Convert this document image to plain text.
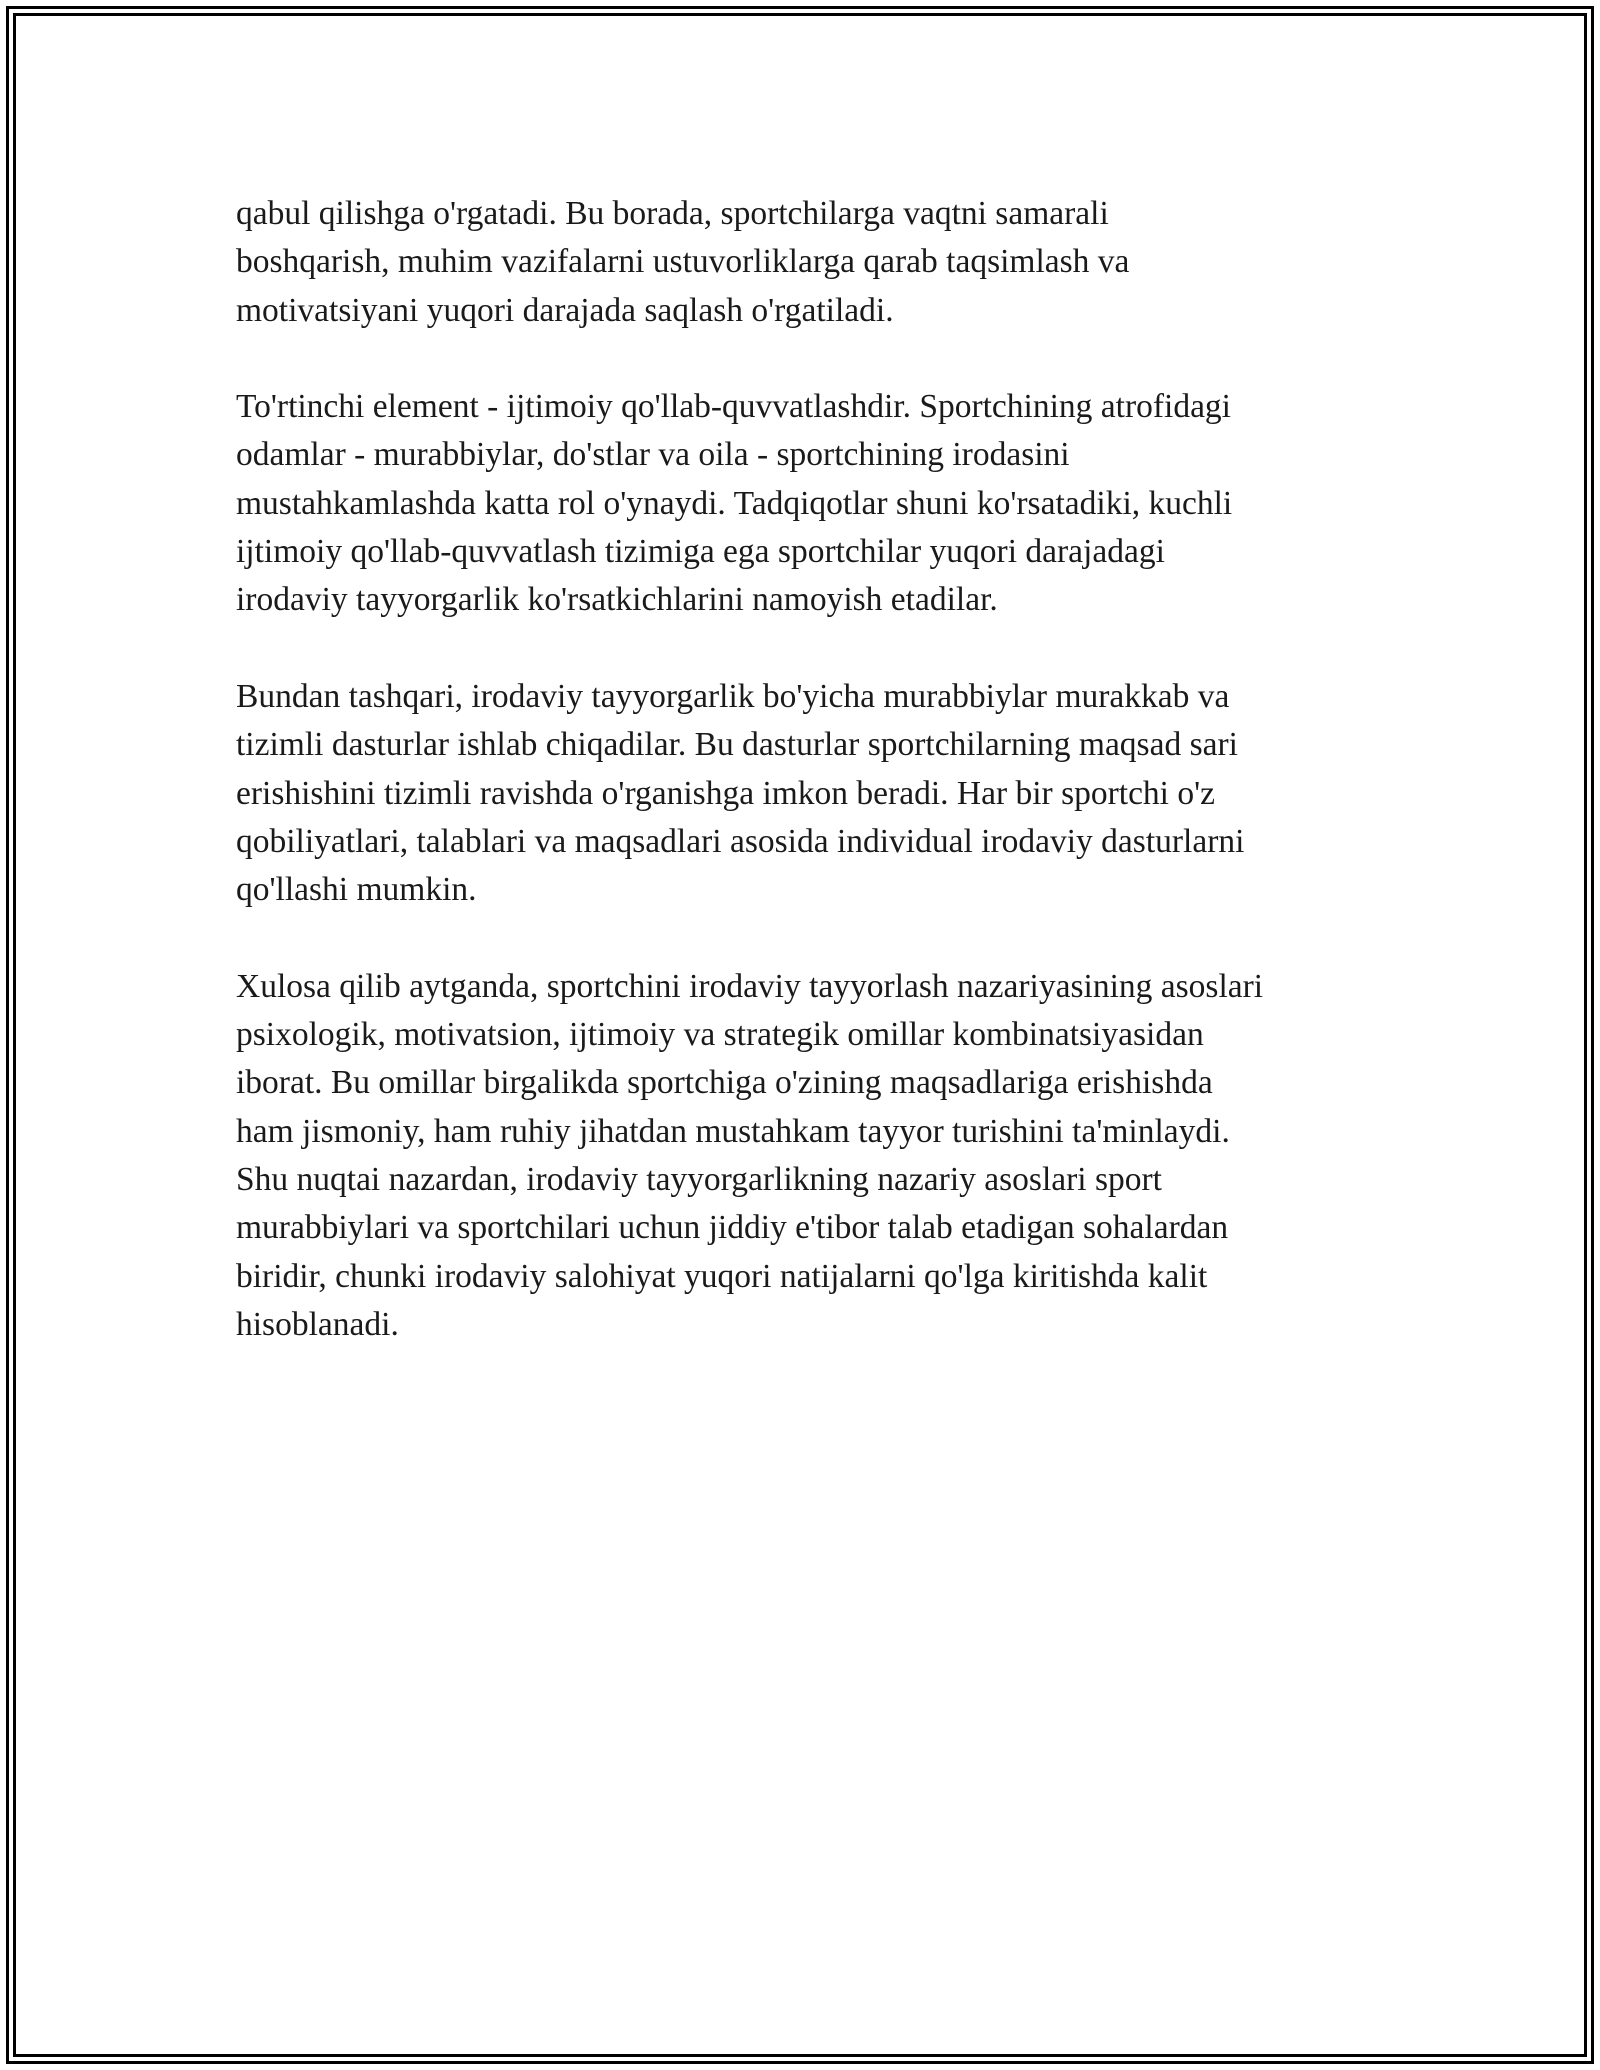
qabul qilishga o'rgatadi. Bu borada, sportchilarga vaqtni samarali
boshqarish, muhim vazifalarni ustuvorliklarga qarab taqsimlash va
motivatsiyani yuqori darajada saqlash o'rgatiladi.

To'rtinchi element - ijtimoiy qo'llab-quvvatlashdir. Sportchining atrofidagi
odamlar - murabbiylar, do'stlar va oila - sportchining irodasini
mustahkamlashda katta rol o'ynaydi. Tadqiqotlar shuni ko'rsatadiki, kuchli
ijtimoiy qo'llab-quvvatlash tizimiga ega sportchilar yuqori darajadagi
irodaviy tayyorgarlik ko'rsatkichlarini namoyish etadilar.

Bundan tashqari, irodaviy tayyorgarlik bo'yicha murabbiylar murakkab va
tizimli dasturlar ishlab chiqadilar. Bu dasturlar sportchilarning maqsad sari
erishishini tizimli ravishda o'rganishga imkon beradi. Har bir sportchi o'z
qobiliyatlari, talablari va maqsadlari asosida individual irodaviy dasturlarni
qo'llashi mumkin.

Xulosa qilib aytganda, sportchini irodaviy tayyorlash nazariyasining asoslari
psixologik, motivatsion, ijtimoiy va strategik omillar kombinatsiyasidan
iborat. Bu omillar birgalikda sportchiga o'zining maqsadlariga erishishda
ham jismoniy, ham ruhiy jihatdan mustahkam tayyor turishini ta'minlaydi.
Shu nuqtai nazardan, irodaviy tayyorgarlikning nazariy asoslari sport
murabbiylari va sportchilari uchun jiddiy e'tibor talab etadigan sohalardan
biridir, chunki irodaviy salohiyat yuqori natijalarni qo'lga kiritishda kalit
hisoblanadi.
